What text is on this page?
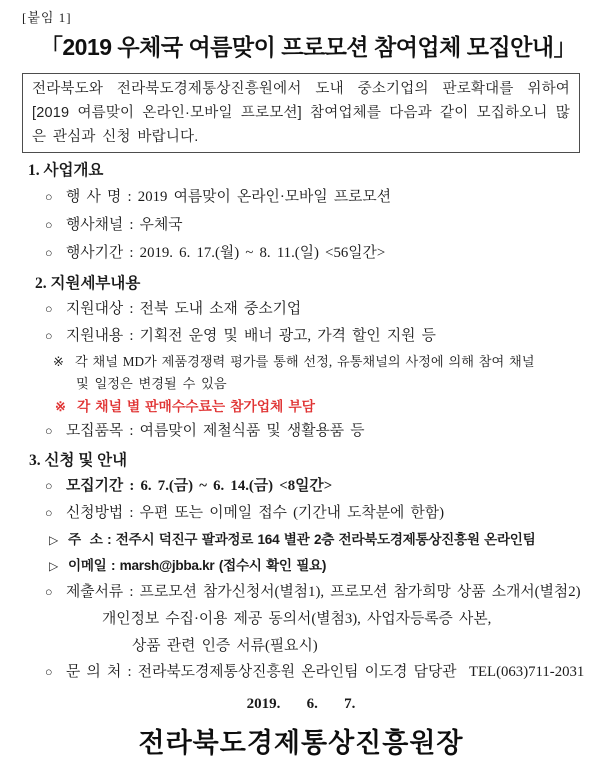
[붙임 1]
「2019 우체국 여름맞이 프로모션 참여업체 모집안내」

전라북도와 전라북도경제통상진흥원에서 도내 중소기업의 판로확대를 위하여 [2019 여름맞이 온라인·모바일 프로모션] 참여업체를 다음과 같이 모집하오니 많은 관심과 신청 바랍니다.

1. 사업개요
○ 행 사 명 : 2019 여름맞이 온라인·모바일 프로모션
○ 행사채널 : 우체국
○ 행사기간 : 2019. 6. 17.(월) ~ 8. 11.(일) <56일간>
2. 지원세부내용
○ 지원대상 : 전북 도내 소재 중소기업
○ 지원내용 : 기획전 운영 및 배너 광고, 가격 할인 지원 등
※ 각 채널 MD가 제품경쟁력 평가를 통해 선정, 유통채널의 사정에 의해 참여 채널
및 일정은 변경될 수 있음
※ 각 채널 별 판매수수료는 참가업체 부담
○ 모집품목 : 여름맞이 제철식품 및 생활용품 등
3. 신청 및 안내
○ 모집기간 : 6. 7.(금) ~ 6. 14.(금) <8일간>
○ 신청방법 : 우편 또는 이메일 접수 (기간내 도착분에 한함)
▷ 주  소 : 전주시 덕진구 팔과정로 164 별관 2층 전라북도경제통상진흥원 온라인팀
▷ 이메일 : marsh@jbba.kr (접수시 확인 필요)
○ 제출서류 : 프로모션 참가신청서(별첨1), 프로모션 참가희망 상품 소개서(별첨2)
개인정보 수집·이용 제공 동의서(별첨3), 사업자등록증 사본,
상품 관련 인증 서류(필요시)
○ 문 의 처 : 전라북도경제통상진흥원 온라인팀 이도경 담당관  TEL(063)711-2031
2019.   6.   7.
전라북도경제통상진흥원장
